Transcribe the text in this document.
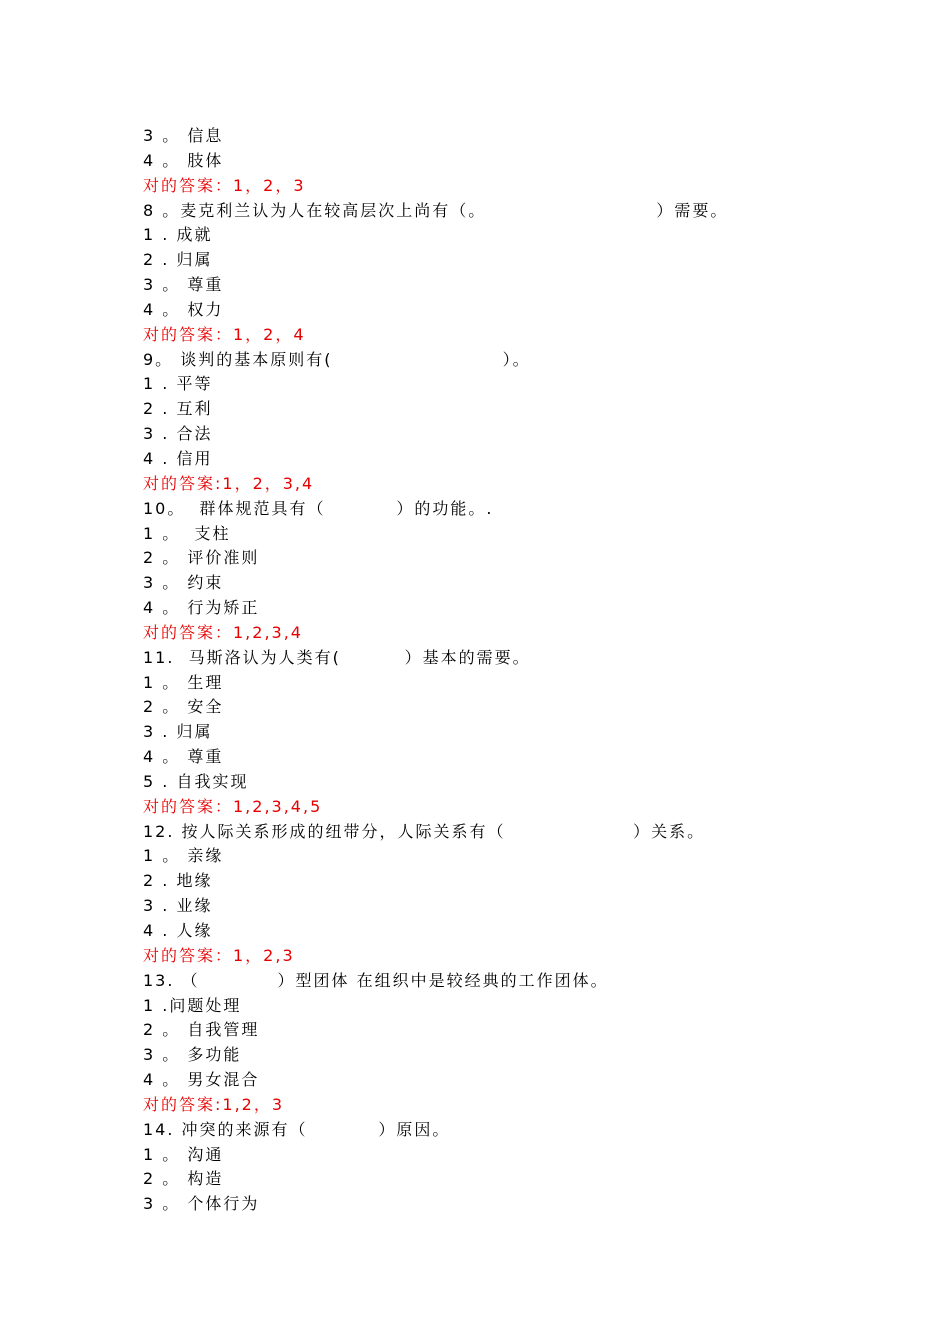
3 。 信息
4 。 肢体
对的答案：1，2，3
8 。麦克利兰认为人在较高层次上尚有（。                        ）需要。
1 . 成就
2 . 归属
3 。 尊重
4 。 权力
对的答案：1，2，4
9。 谈判的基本原则有(                        ）。
1 . 平等
2 . 互利
3 . 合法
4 . 信用
对的答案:1，2，3,4
10。  群体规范具有（          ）的功能。.
1 。  支柱
2 。 评价准则
3 。 约束
4 。 行为矫正
对的答案：1,2,3,4
11.  马斯洛认为人类有(         ）基本的需要。
1 。 生理
2 。 安全
3 . 归属
4 。 尊重
5 . 自我实现
对的答案：1,2,3,4,5
12. 按人际关系形成的纽带分，人际关系有（                  ）关系。
1 。 亲缘
2 . 地缘
3 . 业缘
4 . 人缘
对的答案：1，2,3
13. （           ）型团体 在组织中是较经典的工作团体。
1 .问题处理
2 。 自我管理
3 。 多功能
4 。 男女混合
对的答案:1,2，3
14. 冲突的来源有（          ）原因。
1 。 沟通
2 。 构造
3 。 个体行为
